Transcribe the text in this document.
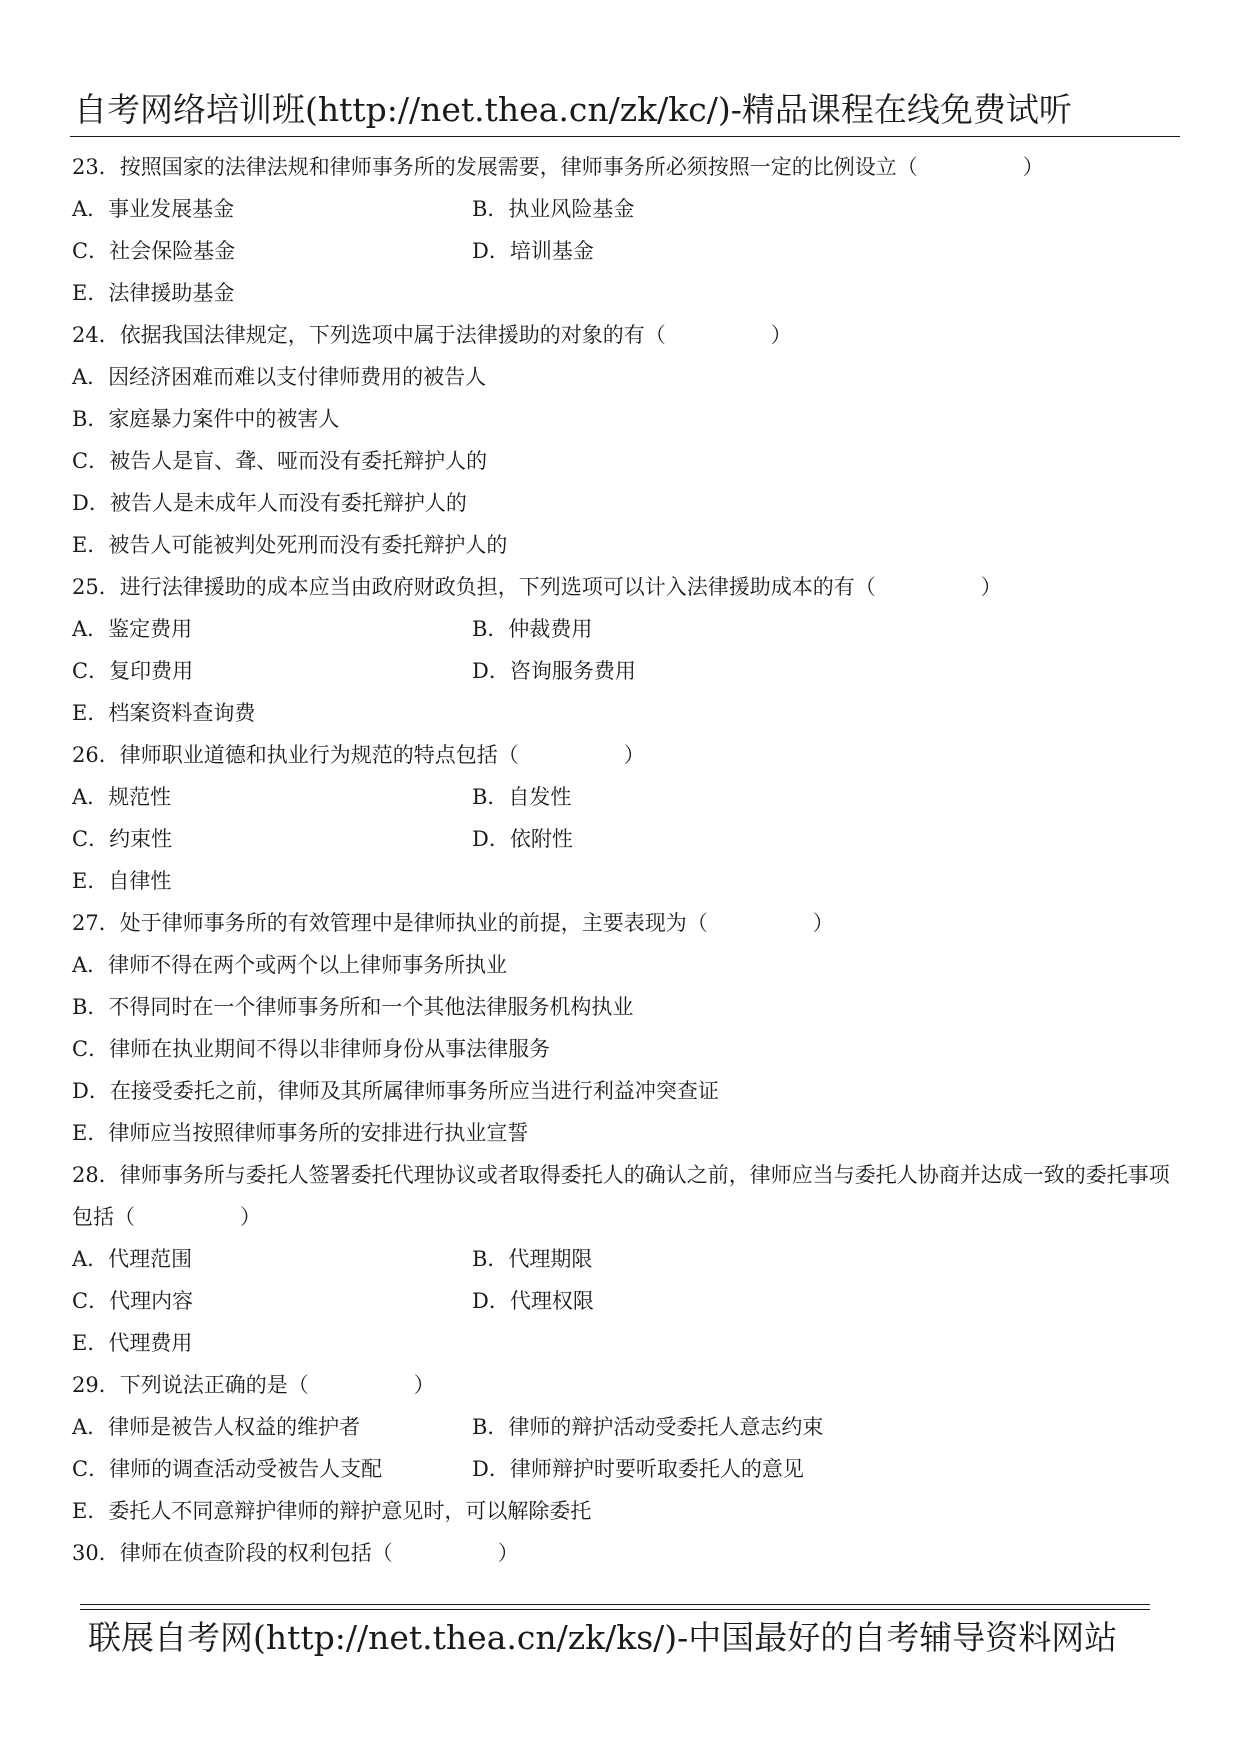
自考网络培训班(http://net.thea.cn/zk/kc/)-精品课程在线免费试听
23．按照国家的法律法规和律师事务所的发展需要，律师事务所必须按照一定的比例设立（　　　　　）
A．事业发展基金	B．执业风险基金
C．社会保险基金	D．培训基金
E．法律援助基金
24．依据我国法律规定，下列选项中属于法律援助的对象的有（　　　　　）
A．因经济困难而难以支付律师费用的被告人
B．家庭暴力案件中的被害人
C．被告人是盲、聋、哑而没有委托辩护人的
D．被告人是未成年人而没有委托辩护人的
E．被告人可能被判处死刑而没有委托辩护人的
25．进行法律援助的成本应当由政府财政负担，下列选项可以计入法律援助成本的有（　　　　　）
A．鉴定费用	B．仲裁费用
C．复印费用	D．咨询服务费用
E．档案资料查询费
26．律师职业道德和执业行为规范的特点包括（　　　　　）
A．规范性	B．自发性
C．约束性	D．依附性
E．自律性
27．处于律师事务所的有效管理中是律师执业的前提，主要表现为（　　　　　）
A．律师不得在两个或两个以上律师事务所执业
B．不得同时在一个律师事务所和一个其他法律服务机构执业
C．律师在执业期间不得以非律师身份从事法律服务
D．在接受委托之前，律师及其所属律师事务所应当进行利益冲突查证
E．律师应当按照律师事务所的安排进行执业宣誓
28．律师事务所与委托人签署委托代理协议或者取得委托人的确认之前，律师应当与委托人协商并达成一致的委托事项包括（　　　　　）
A．代理范围	B．代理期限
C．代理内容	D．代理权限
E．代理费用
29．下列说法正确的是（　　　　　）
A．律师是被告人权益的维护者	B．律师的辩护活动受委托人意志约束
C．律师的调查活动受被告人支配	D．律师辩护时要听取委托人的意见
E．委托人不同意辩护律师的辩护意见时，可以解除委托
30．律师在侦查阶段的权利包括（　　　　　）
联展自考网(http://net.thea.cn/zk/ks/)-中国最好的自考辅导资料网站
